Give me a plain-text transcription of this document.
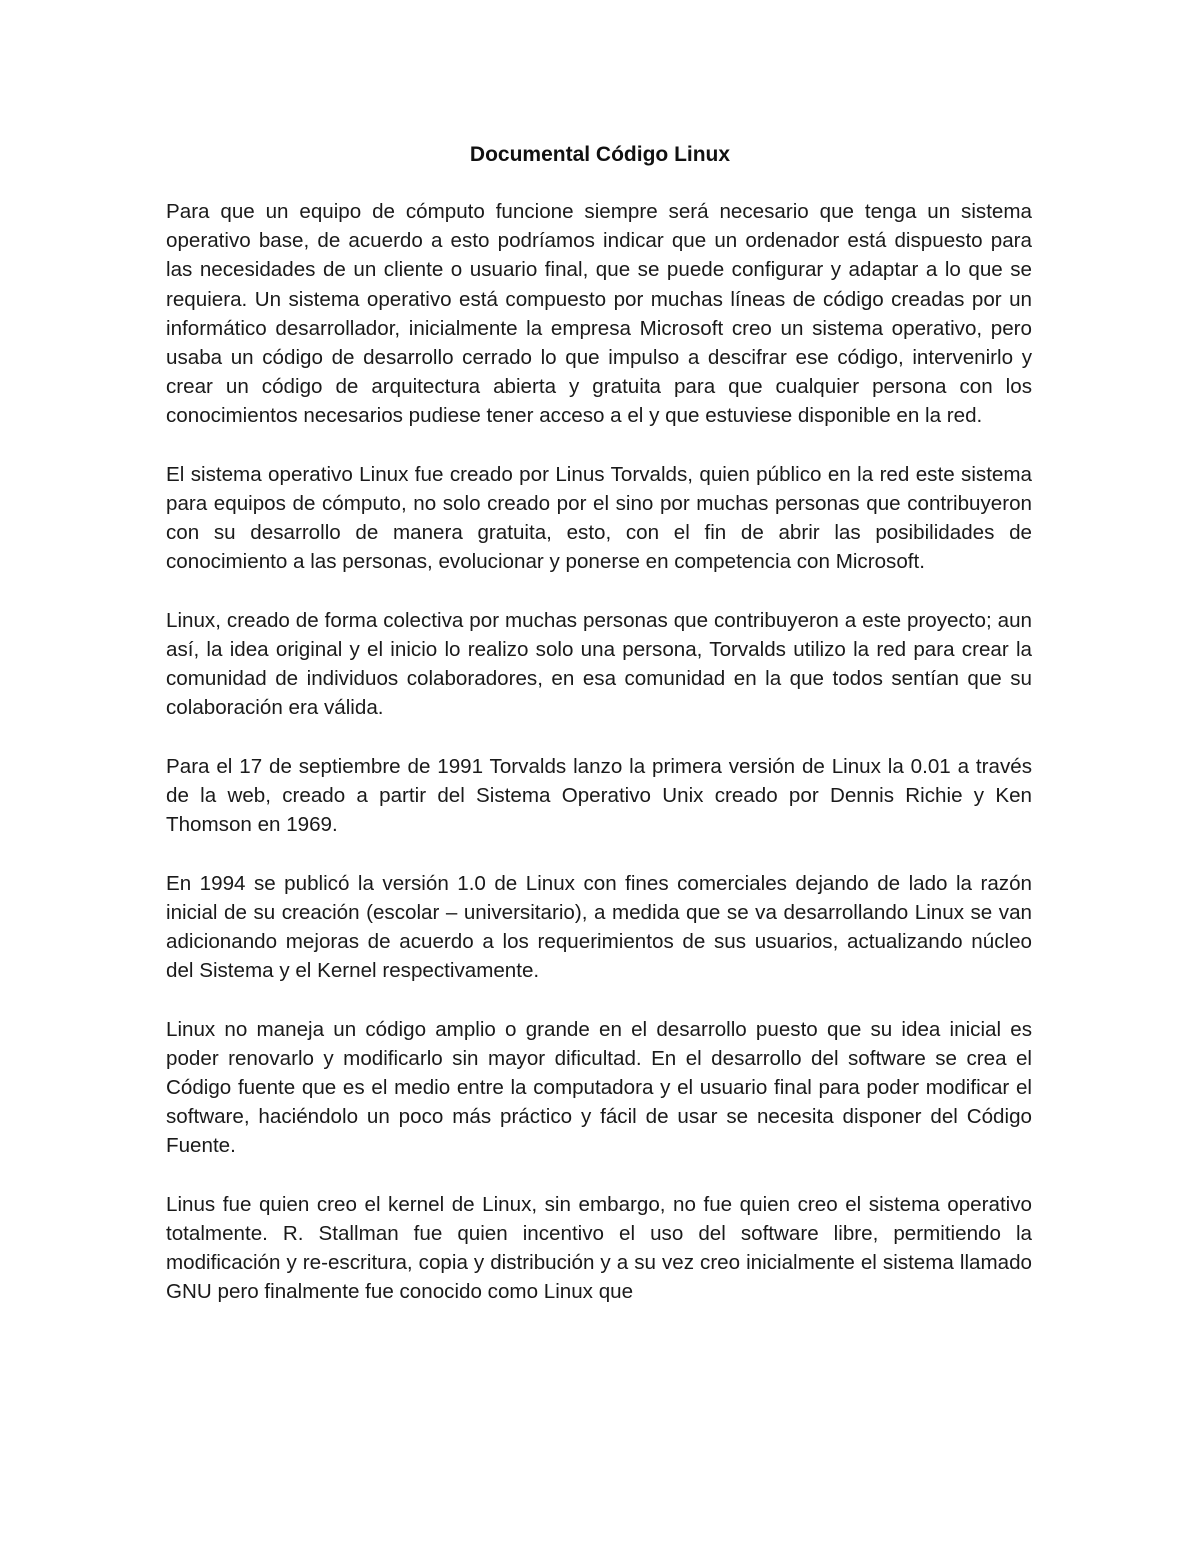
Documental Código Linux

Para que un equipo de cómputo funcione siempre será necesario que tenga un sistema operativo base, de acuerdo a esto podríamos indicar que un ordenador está dispuesto para las necesidades de un cliente o usuario final, que se puede configurar y adaptar a lo que se requiera. Un sistema operativo está compuesto por muchas líneas de código creadas por un informático desarrollador, inicialmente la empresa Microsoft creo un sistema operativo, pero usaba un código de desarrollo cerrado lo que impulso a descifrar ese código, intervenirlo y crear un código de arquitectura abierta y gratuita para que cualquier persona con los conocimientos necesarios pudiese tener acceso a el y que estuviese disponible en la red.

El sistema operativo Linux fue creado por Linus Torvalds, quien público en la red este sistema para equipos de cómputo, no solo creado por el sino por muchas personas que contribuyeron con su desarrollo de manera gratuita, esto, con el fin de abrir las posibilidades de conocimiento a las personas, evolucionar y ponerse en competencia con Microsoft.

Linux, creado de forma colectiva por muchas personas que contribuyeron a este proyecto; aun así, la idea original y el inicio lo realizo solo una persona, Torvalds utilizo la red para crear la comunidad de individuos colaboradores, en esa comunidad en la que todos sentían que su colaboración era válida.

Para el 17 de septiembre de 1991 Torvalds lanzo la primera versión de Linux la 0.01 a través de la web, creado a partir del Sistema Operativo Unix creado por Dennis Richie y Ken Thomson en 1969.

En 1994 se publicó la versión 1.0 de Linux con fines comerciales dejando de lado la razón inicial de su creación (escolar – universitario), a medida que se va desarrollando Linux se van adicionando mejoras de acuerdo a los requerimientos de sus usuarios, actualizando núcleo del Sistema y el Kernel respectivamente.

Linux no maneja un código amplio o grande en el desarrollo puesto que su idea inicial es poder renovarlo y modificarlo sin mayor dificultad. En el desarrollo del software se crea el Código fuente que es el medio entre la computadora y el usuario final para poder modificar el software, haciéndolo un poco más práctico y fácil de usar se necesita disponer del Código Fuente.

Linus fue quien creo el kernel de Linux, sin embargo, no fue quien creo el sistema operativo totalmente. R. Stallman fue quien incentivo el uso del software libre, permitiendo la modificación y re-escritura, copia y distribución y a su vez creo inicialmente el sistema llamado GNU pero finalmente fue conocido como Linux que
